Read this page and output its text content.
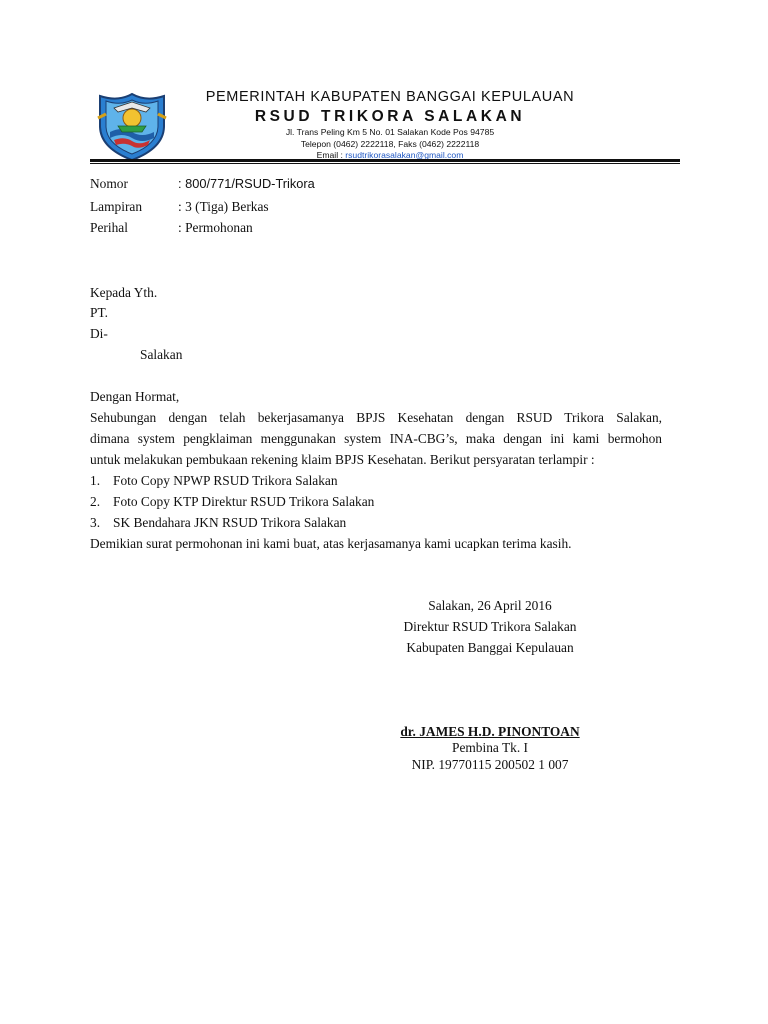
PEMERINTAH KABUPATEN BANGGAI KEPULAUAN
RSUD TRIKORA SALAKAN
Jl. Trans Peling Km 5 No. 01 Salakan Kode Pos 94785
Telepon (0462) 2222118, Faks (0462) 2222118
Email : rsudtrikorasalakan@gmail.com
Nomor	: 800/771/RSUD-Trikora
Lampiran	: 3 (Tiga) Berkas
Perihal	: Permohonan
Kepada Yth.
PT.
Di-
Salakan
Dengan Hormat,
Sehubungan dengan telah bekerjasamanya BPJS Kesehatan dengan RSUD Trikora Salakan,
dimana system pengklaiman menggunakan system INA-CBG’s, maka dengan ini kami bermohon
untuk melakukan pembukaan rekening klaim BPJS Kesehatan. Berikut persyaratan terlampir :
1. Foto Copy NPWP RSUD Trikora Salakan
2. Foto Copy KTP Direktur RSUD Trikora Salakan
3. SK Bendahara JKN RSUD Trikora Salakan
Demikian surat permohonan ini kami buat, atas kerjasamanya kami ucapkan terima kasih.
Salakan, 26 April 2016
Direktur RSUD Trikora Salakan
Kabupaten Banggai Kepulauan
dr. JAMES H.D. PINONTOAN
Pembina Tk. I
NIP. 19770115 200502 1 007
